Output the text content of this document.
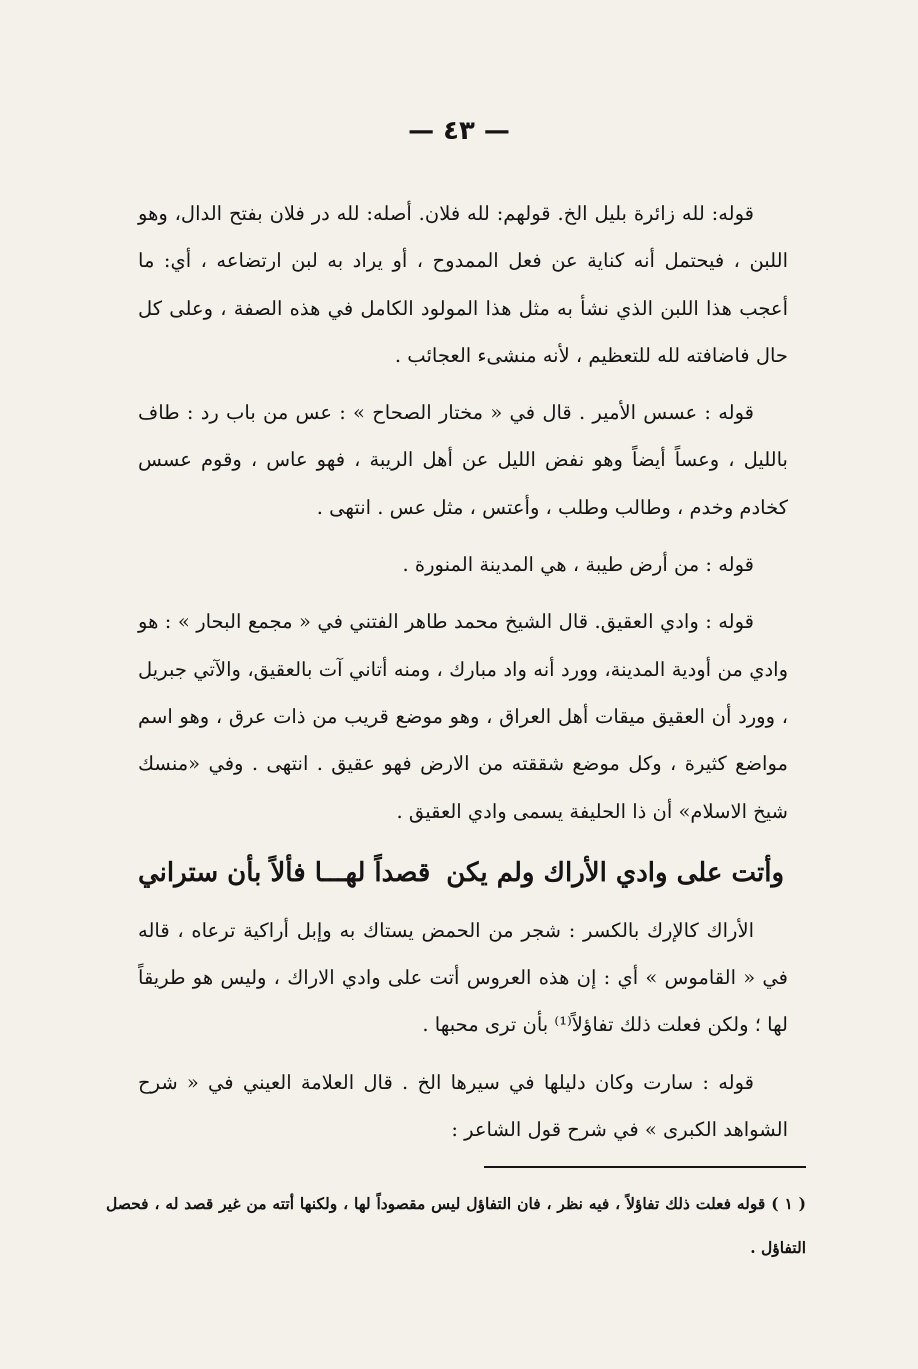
— ٤٣ —

قوله: لله زائرة بليل الخ. قولهم: لله فلان. أصله: لله در فلان بفتح الدال، وهو اللبن ، فيحتمل أنه كناية عن فعل الممدوح ، أو يراد به لبن ارتضاعه ، أي: ما أعجب هذا اللبن الذي نشأ به مثل هذا المولود الكامل في هذه الصفة ، وعلى كل حال فاضافته لله للتعظيم ، لأنه منشىء العجائب .

قوله : عسس الأمير . قال في « مختار الصحاح » : عس من باب رد : طاف بالليل ، وعساً أيضاً وهو نفض الليل عن أهل الريبة ، فهو عاس ، وقوم عسس كخادم وخدم ، وطالب وطلب ، وأعتس ، مثل عس . انتهى .

قوله : من أرض طيبة ، هي المدينة المنورة .

قوله : وادي العقيق. قال الشيخ محمد طاهر الفتني في « مجمع البحار » : هو وادي من أودية المدينة، وورد أنه واد مبارك ، ومنه أتاني آت بالعقيق، والآتي جبريل ، وورد أن العقيق ميقات أهل العراق ، وهو موضع قريب من ذات عرق ، وهو اسم مواضع كثيرة ، وكل موضع شققته من الارض فهو عقيق . انتهى . وفي «منسك شيخ الاسلام» أن ذا الحليفة يسمى وادي العقيق .

وأتت على وادي الأراك ولم يكن
قصداً لهـــا فألاً بأن ستراني

الأراك كالإرك بالكسر : شجر من الحمض يستاك به وإبل أراكية ترعاه ، قاله في « القاموس » أي : إن هذه العروس أتت على وادي الاراك ، وليس هو طريقاً لها ؛ ولكن فعلت ذلك تفاؤلاً⁽¹⁾ بأن ترى محبها .

قوله : سارت وكان دليلها في سيرها الخ . قال العلامة العيني في « شرح الشواهد الكبرى » في شرح قول الشاعر :

( ١ ) قوله فعلت ذلك تفاؤلاً ، فيه نظر ، فان التفاؤل ليس مقصوداً لها ، ولكنها أتته من غير قصد له ، فحصل التفاؤل .
